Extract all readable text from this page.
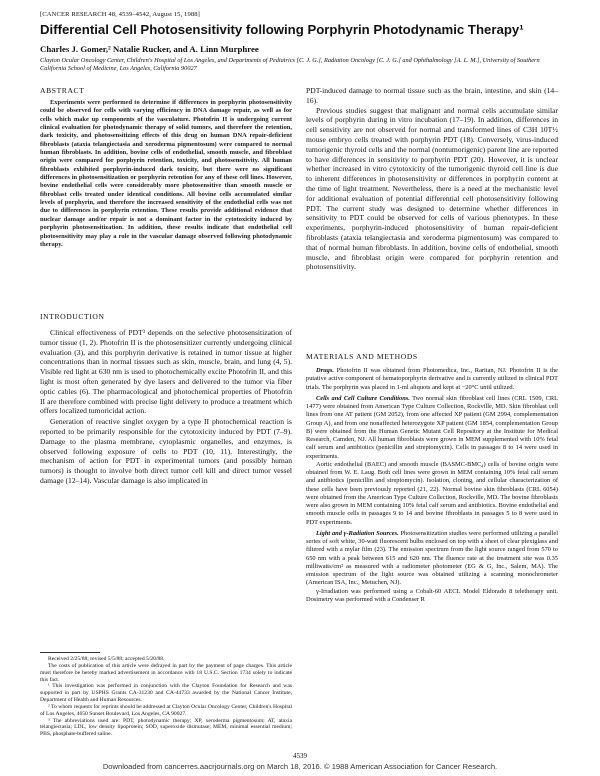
[CANCER RESEARCH 48, 4539–4542, August 15, 1988]
Differential Cell Photosensitivity following Porphyrin Photodynamic Therapy¹

Charles J. Gomer,² Natalie Rucker, and A. Linn Murphree

Clayton Ocular Oncology Center, Children's Hospital of Los Angeles, and Departments of Pediatrics [C. J. G.], Radiation Oncology [C. J. G.] and Ophthalmology [A. L. M.], University of Southern California School of Medicine, Los Angeles, California 90027

ABSTRACT

Experiments were performed to determine if differences in porphyrin photosensitivity could be observed for cells with varying efficiency in DNA damage repair, as well as for cells which make up components of the vasculature. Photofrin II is undergoing current clinical evaluation for photodynamic therapy of solid tumors, and therefore the retention, dark toxicity, and photosensitizing effects of this drug on human DNA repair-deficient fibroblasts (ataxia telangiectasia and xeroderma pigmentosum) were compared to normal human fibroblasts. In addition, bovine cells of endothelial, smooth muscle, and fibroblast origin were compared for porphyrin retention, toxicity, and photosensitivity. All human fibroblasts exhibited porphyrin-induced dark toxicity, but there were no significant differences in photosensitization or porphyrin retention for any of these cell lines. However, bovine endothelial cells were considerably more photosensitive than smooth muscle or fibroblast cells treated under identical conditions. All bovine cells accumulated similar levels of porphyrin, and therefore the increased sensitivity of the endothelial cells was not due to differences in porphyrin retention. These results provide additional evidence that nuclear damage and/or repair is not a dominant factor in the cytotoxicity induced by porphyrin photosensitization. In addition, these results indicate that endothelial cell photosensitivity may play a role in the vascular damage observed following photodynamic therapy.

INTRODUCTION

Clinical effectiveness of PDT³ depends on the selective photosensitization of tumor tissue (1, 2). Photofrin II is the photosensitizer currently undergoing clinical evaluation (3), and this porphyrin derivative is retained in tumor tissue at higher concentrations than in normal tissues such as skin, muscle, brain, and lung (4, 5). Visible red light at 630 nm is used to photochemically excite Photofrin II, and this light is most often generated by dye lasers and delivered to the tumor via fiber optic cables (6). The pharmacological and photochemical properties of Photofrin II are therefore combined with precise light delivery to produce a treatment which offers localized tumoricidal action.

Generation of reactive singlet oxygen by a type II photochemical reaction is reported to be primarily responsible for the cytotoxicity induced by PDT (7–9). Damage to the plasma membrane, cytoplasmic organelles, and enzymes, is observed following exposure of cells to PDT (10, 11). Interestingly, the mechanism of action for PDT in experimental tumors (and possibly human tumors) is thought to involve both direct tumor cell kill and direct tumor vessel damage (12–14). Vascular damage is also implicated in

Received 2/25/88; revised 5/5/88; accepted 5/20/88.

The costs of publication of this article were defrayed in part by the payment of page charges. This article must therefore be hereby marked advertisement in accordance with 18 U.S.C. Section 1734 solely to indicate this fact.

¹ This investigation was performed in conjunction with the Clayton Foundation for Research and was supported in part by USPHS Grants CA-31230 and CA-44733 awarded by the National Cancer Institute, Department of Health and Human Resources.

² To whom requests for reprints should be addressed at Clayton Ocular Oncology Center, Children's Hospital of Los Angeles, 4650 Sunset Boulevard, Los Angeles, CA 90027.

³ The abbreviations used are: PDT, photodynamic therapy; XP, xeroderma pigmentosum; AT, ataxia telangiectasia; LDL, low density lipoprotein; SOD, superoxide dismutase; MEM, minimal essential medium; PBS, phosphate-buffered saline.

PDT-induced damage to normal tissue such as the brain, intestine, and skin (14–16).

Previous studies suggest that malignant and normal cells accumulate similar levels of porphyrin during in vitro incubation (17–19). In addition, differences in cell sensitivity are not observed for normal and transformed lines of C3H 10T½ mouse embryo cells treated with porphyrin PDT (18). Conversely, virus-induced tumorigenic thyroid cells and the normal (nontumorigenic) parent line are reported to have differences in sensitivity to porphyrin PDT (20). However, it is unclear whether increased in vitro cytotoxicity of the tumorigenic thyroid cell line is due to inherent differences in photosensitivity or differences in porphyrin content at the time of light treatment. Nevertheless, there is a need at the mechanistic level for additional evaluation of potential differential cell photosensitivity following PDT. The current study was designed to determine whether differences in sensitivity to PDT could be observed for cells of various phenotypes. In these experiments, porphyrin-induced photosensitivity of human repair-deficient fibroblasts (ataxia telangiectasia and xeroderma pigmentosum) was compared to that of normal human fibroblasts. In addition, bovine cells of endothelial, smooth muscle, and fibroblast origin were compared for porphyrin retention and photosensitivity.

MATERIALS AND METHODS

Drugs. Photofrin II was obtained from Photomedica, Inc., Raritan, NJ. Photofrin II is the putative active component of hematoporphyrin derivative and is currently utilized in clinical PDT trials. The porphyrin was placed in 1-ml aliquots and kept at −20°C until utilized.

Cells and Cell Culture Conditions. Two normal skin fibroblast cell lines (CRL 1509, CRL 1477) were obtained from American Type Culture Collection, Rockville, MD. Skin fibroblast cell lines from one AT patient (GM 2052), from one affected XP patient (GM 2994, complementation Group A), and from one nonaffected heterozygote XP patient (GM 1854, complementation Group B) were obtained from the Human Genetic Mutant Cell Repository at the Institute for Medical Research, Camden, NJ. All human fibroblasts were grown in MEM supplemented with 10% fetal calf serum and antibiotics (penicillin and streptomycin). Cells in passages 8 to 14 were used in experiments.

Aortic endothelial (BAEC) and smooth muscle (BASMC-BMC₄) cells of bovine origin were obtained from W. E. Laug. Both cell lines were grown in MEM containing 10% fetal calf serum and antibiotics (penicillin and streptomycin). Isolation, cloning, and cellular characterization of these cells have been previously reported (21, 22). Normal bovine skin fibroblasts (CRL 6054) were obtained from the American Type Culture Collection, Rockville, MD. The bovine fibroblasts were also grown in MEM containing 10% fetal calf serum and antibiotics. Bovine endothelial and smooth muscle cells in passages 9 to 14 and bovine fibroblasts in passages 5 to 8 were used in PDT experiments.

Light and γ-Radiation Sources. Photosensitization studies were performed utilizing a parallel series of soft white, 30-watt fluorescent bulbs enclosed on top with a sheet of clear plexiglass and filtered with a mylar film (23). The emission spectrum from the light source ranged from 570 to 650 nm with a peak between 615 and 620 nm. The fluence rate at the treatment site was 0.35 milliwatts/cm² as measured with a radiometer photometer (EG & G, Inc., Salem, MA). The emission spectrum of the light source was obtained utilizing a scanning monochrometer (American ISA, Inc., Metuchen, NJ).

γ-Irradiation was performed using a Cobalt-60 AECL Model Eldorado 8 teletherapy unit. Dosimetry was performed with a Condenser R

4539
Downloaded from cancerres.aacrjournals.org on March 18, 2016. © 1988 American Association for Cancer Research.
